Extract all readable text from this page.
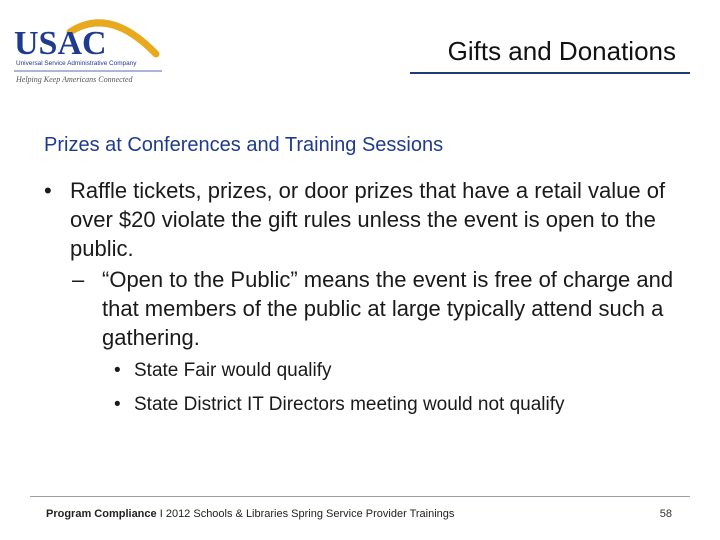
USAC
Universal Service Administrative Company
Helping Keep Americans Connected
Gifts and Donations
Prizes at Conferences and Training Sessions
• Raffle tickets, prizes, or door prizes that have a retail value of over $20 violate the gift rules unless the event is open to the public.
– “Open to the Public” means the event is free of charge and that members of the public at large typically attend such a gathering.
• State Fair would qualify
• State District IT Directors meeting would not qualify
Program Compliance I 2012 Schools & Libraries Spring Service Provider Trainings	58
